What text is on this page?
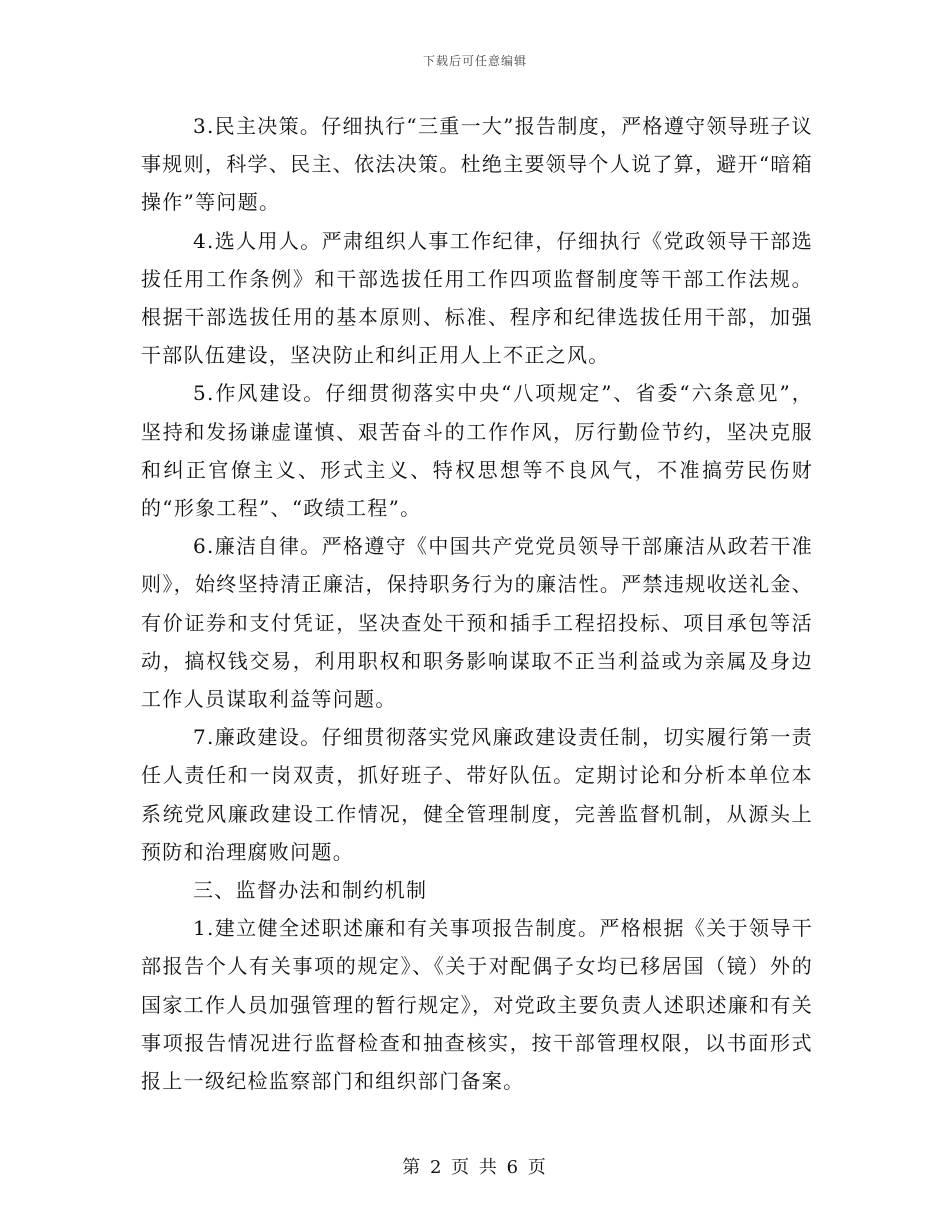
下载后可任意编辑

3.民主决策。仔细执行“三重一大”报告制度，严格遵守领导班子议事规则，科学、民主、依法决策。杜绝主要领导个人说了算，避开“暗箱操作”等问题。

4.选人用人。严肃组织人事工作纪律，仔细执行《党政领导干部选拔任用工作条例》和干部选拔任用工作四项监督制度等干部工作法规。根据干部选拔任用的基本原则、标准、程序和纪律选拔任用干部，加强干部队伍建设，坚决防止和纠正用人上不正之风。

5.作风建设。仔细贯彻落实中央“八项规定”、省委“六条意见”，坚持和发扬谦虚谨慎、艰苦奋斗的工作作风，厉行勤俭节约，坚决克服和纠正官僚主义、形式主义、特权思想等不良风气，不准搞劳民伤财的“形象工程”、“政绩工程”。

6.廉洁自律。严格遵守《中国共产党党员领导干部廉洁从政若干准则》，始终坚持清正廉洁，保持职务行为的廉洁性。严禁违规收送礼金、有价证券和支付凭证，坚决查处干预和插手工程招投标、项目承包等活动，搞权钱交易，利用职权和职务影响谋取不正当利益或为亲属及身边工作人员谋取利益等问题。

7.廉政建设。仔细贯彻落实党风廉政建设责任制，切实履行第一责任人责任和一岗双责，抓好班子、带好队伍。定期讨论和分析本单位本系统党风廉政建设工作情况，健全管理制度，完善监督机制，从源头上预防和治理腐败问题。

三、监督办法和制约机制

1.建立健全述职述廉和有关事项报告制度。严格根据《关于领导干部报告个人有关事项的规定》、《关于对配偶子女均已移居国（镜）外的国家工作人员加强管理的暂行规定》，对党政主要负责人述职述廉和有关事项报告情况进行监督检查和抽查核实，按干部管理权限，以书面形式报上一级纪检监察部门和组织部门备案。

第 2 页 共 6 页
